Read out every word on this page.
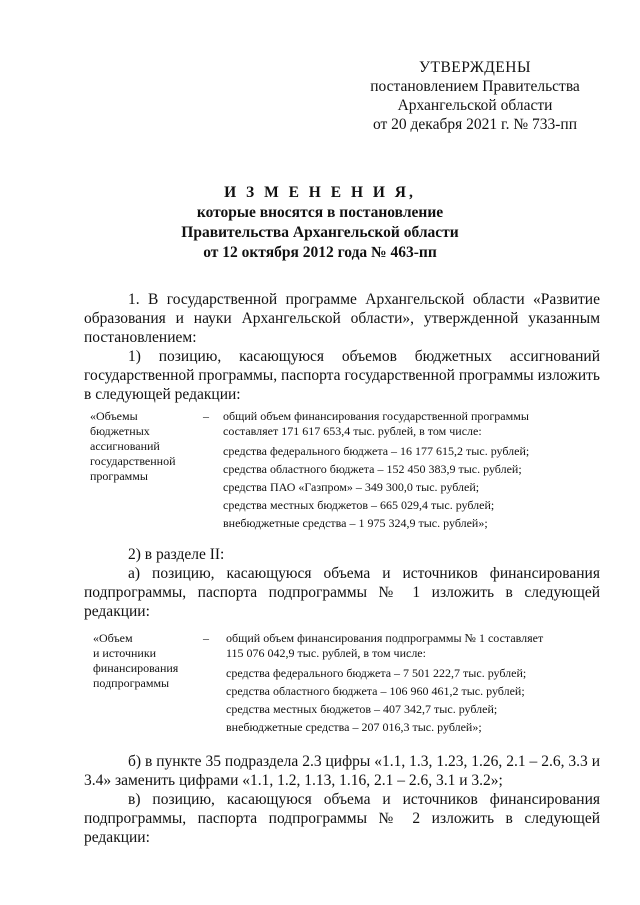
УТВЕРЖДЕНЫ
постановлением Правительства
Архангельской области
от 20 декабря 2021 г. № 733-пп
И З М Е Н Е Н И Я,
которые вносятся в постановление
Правительства Архангельской области
от 12 октября 2012 года № 463-пп
1. В государственной программе Архангельской области «Развитие образования и науки Архангельской области», утвержденной указанным постановлением:
1) позицию, касающуюся объемов бюджетных ассигнований государственной программы, паспорта государственной программы изложить в следующей редакции:
«Объемы
бюджетных
ассигнований
государственной
программы
– общий объем финансирования государственной программы
составляет 171 617 653,4 тыс. рублей, в том числе:
средства федерального бюджета – 16 177 615,2 тыс. рублей;
средства областного бюджета – 152 450 383,9 тыс. рублей;
средства ПАО «Газпром» – 349 300,0 тыс. рублей;
средства местных бюджетов – 665 029,4 тыс. рублей;
внебюджетные средства – 1 975 324,9 тыс. рублей»;
2) в разделе II:
а) позицию, касающуюся объема и источников финансирования подпрограммы, паспорта подпрограммы № 1 изложить в следующей редакции:
«Объем
и источники
финансирования
подпрограммы
– общий объем финансирования подпрограммы № 1 составляет
115 076 042,9 тыс. рублей, в том числе:
средства федерального бюджета – 7 501 222,7 тыс. рублей;
средства областного бюджета – 106 960 461,2 тыс. рублей;
средства местных бюджетов – 407 342,7 тыс. рублей;
внебюджетные средства – 207 016,3 тыс. рублей»;
б) в пункте 35 подраздела 2.3 цифры «1.1, 1.3, 1.23, 1.26, 2.1 – 2.6, 3.3 и 3.4» заменить цифрами «1.1, 1.2, 1.13, 1.16, 2.1 – 2.6, 3.1 и 3.2»;
в) позицию, касающуюся объема и источников финансирования подпрограммы, паспорта подпрограммы № 2 изложить в следующей редакции:
